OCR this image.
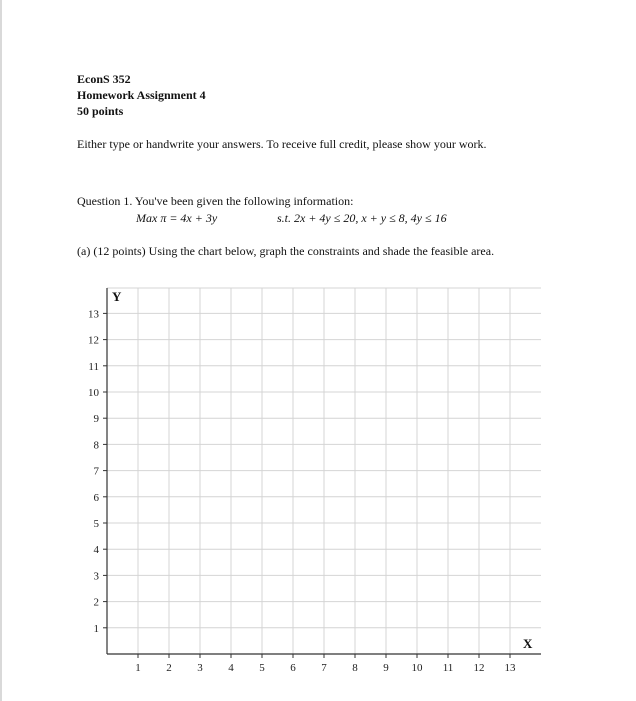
EconS 352
Homework Assignment 4
50 points
Either type or handwrite your answers. To receive full credit, please show your work.
Question 1. You've been given the following information:
Max π = 4x + 3y	s.t. 2x + 4y ≤ 20, x + y ≤ 8, 4y ≤ 16
(a) (12 points) Using the chart below, graph the constraints and shade the feasible area.
1 2 3 4 5 6 7 8 9 10 11 12 13
1
2
3
4
5
6
7
8
9
10
11
12
13
Y
X
